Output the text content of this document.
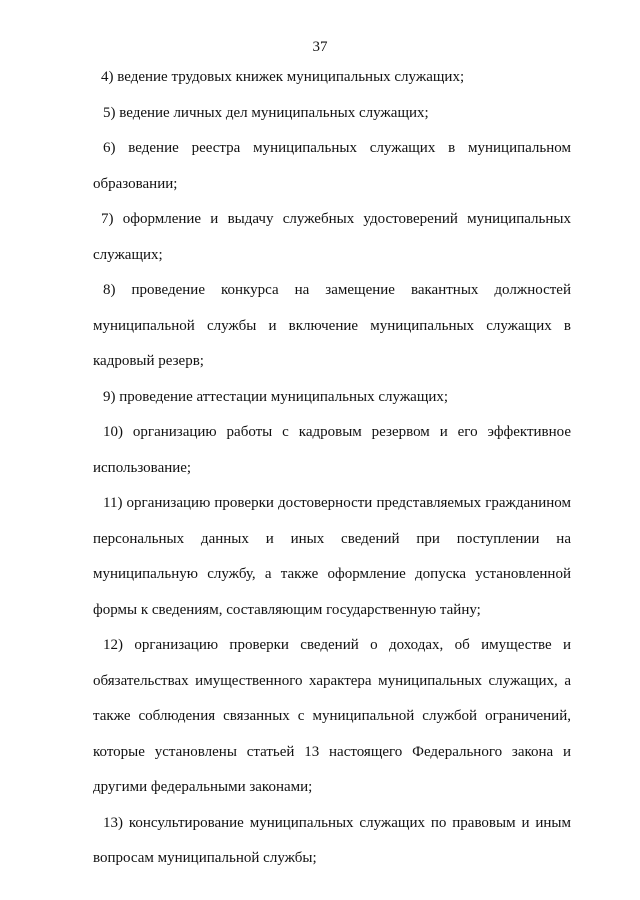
37

4) ведение трудовых книжек муниципальных служащих;

5) ведение личных дел муниципальных служащих;

6) ведение реестра муниципальных служащих в муниципальном образовании;

7) оформление и выдачу служебных удостоверений муниципальных служащих;

8) проведение конкурса на замещение вакантных должностей муниципальной службы и включение муниципальных служащих в кадровый резерв;

9) проведение аттестации муниципальных служащих;

10) организацию работы с кадровым резервом и его эффективное использование;

11) организацию проверки достоверности представляемых гражданином персональных данных и иных сведений при поступлении на муниципальную службу, а также оформление допуска установленной формы к сведениям, составляющим государственную тайну;

12) организацию проверки сведений о доходах, об имуществе и обязательствах имущественного характера муниципальных служащих, а также соблюдения связанных с муниципальной службой ограничений, которые установлены статьей 13 настоящего Федерального закона и другими федеральными законами;

13) консультирование муниципальных служащих по правовым и иным вопросам муниципальной службы;
